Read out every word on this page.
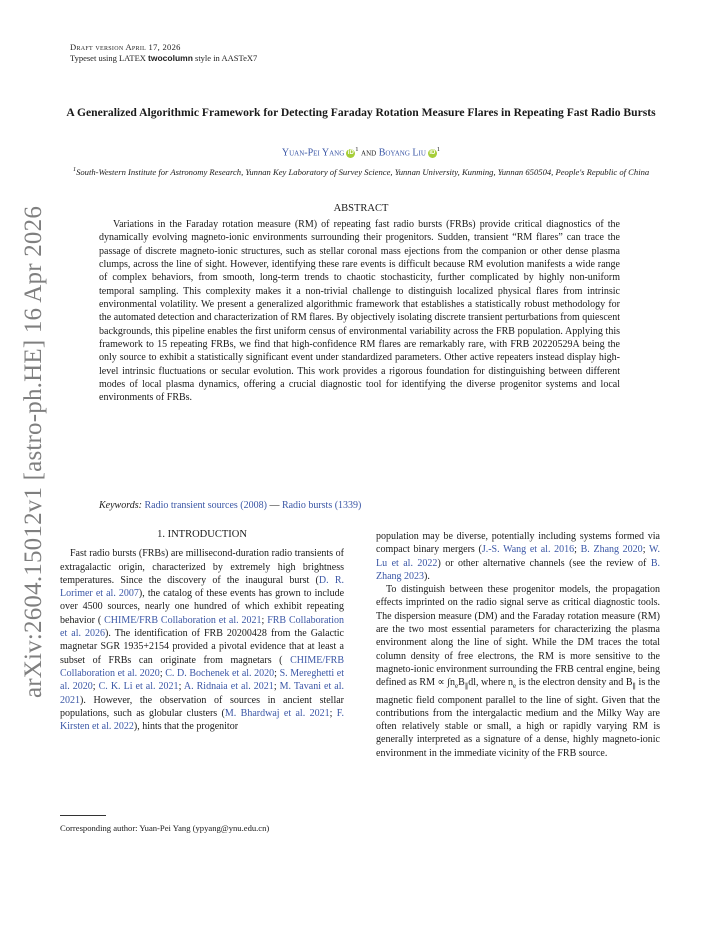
arXiv:2604.15012v1 [astro-ph.HE] 16 Apr 2026
Draft version April 17, 2026
Typeset using LATEX twocolumn style in AASTeX7
A Generalized Algorithmic Framework for Detecting Faraday Rotation Measure Flares in Repeating Fast Radio Bursts
Yuan-Pei Yang $iD^1$ and Boyang Liu $iD^1$
$^1$South-Western Institute for Astronomy Research, Yunnan Key Laboratory of Survey Science, Yunnan University, Kunming, Yunnan 650504, People's Republic of China
ABSTRACT

Variations in the Faraday rotation measure (RM) of repeating fast radio bursts (FRBs) provide critical diagnostics of the dynamically evolving magneto-ionic environments surrounding their progenitors. Sudden, transient “RM flares” can trace the passage of discrete magneto-ionic structures, such as stellar coronal mass ejections from the companion or other dense plasma clumps, across the line of sight. However, identifying these rare events is difficult because RM evolution manifests a wide range of complex behaviors, from smooth, long-term trends to chaotic stochasticity, further complicated by highly non-uniform temporal sampling. This complexity makes it a non-trivial challenge to distinguish localized physical flares from intrinsic environmental volatility. We present a generalized algorithmic framework that establishes a statistically robust methodology for the automated detection and characterization of RM flares. By objectively isolating discrete transient perturbations from quiescent backgrounds, this pipeline enables the first uniform census of environmental variability across the FRB population. Applying this framework to 15 repeating FRBs, we find that high-confidence RM flares are remarkably rare, with FRB 20220529A being the only source to exhibit a statistically significant event under standardized parameters. Other active repeaters instead display high-level intrinsic fluctuations or secular evolution. This work provides a rigorous foundation for distinguishing between different modes of local plasma dynamics, offering a crucial diagnostic tool for identifying the diverse progenitor systems and local environments of FRBs.

Keywords: Radio transient sources (2008) — Radio bursts (1339)
1. INTRODUCTION

Fast radio bursts (FRBs) are millisecond-duration radio transients of extragalactic origin, characterized by extremely high brightness temperatures. Since the discovery of the inaugural burst (D. R. Lorimer et al. 2007), the catalog of these events has grown to include over 4500 sources, nearly one hundred of which exhibit repeating behavior ( CHIME/FRB Collaboration et al. 2021; FRB Collaboration et al. 2026). The identification of FRB 20200428 from the Galactic magnetar SGR 1935+2154 provided a pivotal evidence that at least a subset of FRBs can originate from magnetars ( CHIME/FRB Collaboration et al. 2020; C. D. Bochenek et al. 2020; S. Mereghetti et al. 2020; C. K. Li et al. 2021; A. Ridnaia et al. 2021; M. Tavani et al. 2021). However, the observation of sources in ancient stellar populations, such as globular clusters (M. Bhardwaj et al. 2021; F. Kirsten et al. 2022), hints that the progenitor

population may be diverse, potentially including systems formed via compact binary mergers (J.-S. Wang et al. 2016; B. Zhang 2020; W. Lu et al. 2022) or other alternative channels (see the review of B. Zhang 2023).

To distinguish between these progenitor models, the propagation effects imprinted on the radio signal serve as critical diagnostic tools. The dispersion measure (DM) and the Faraday rotation measure (RM) are the two most essential parameters for characterizing the plasma environment along the line of sight. While the DM traces the total column density of free electrons, the RM is more sensitive to the magneto-ionic environment surrounding the FRB central engine, being defined as RM ∝ $\int n_eB_\parallel dl$, where $n_e$ is the electron density and $B_\parallel$ is the magnetic field component parallel to the line of sight. Given that the contributions from the intergalactic medium and the Milky Way are often relatively stable or small, a high or rapidly varying RM is generally interpreted as a signature of a dense, highly magneto-ionic environment in the immediate vicinity of the FRB source.

Corresponding author: Yuan-Pei Yang (ypyang@ynu.edu.cn)
